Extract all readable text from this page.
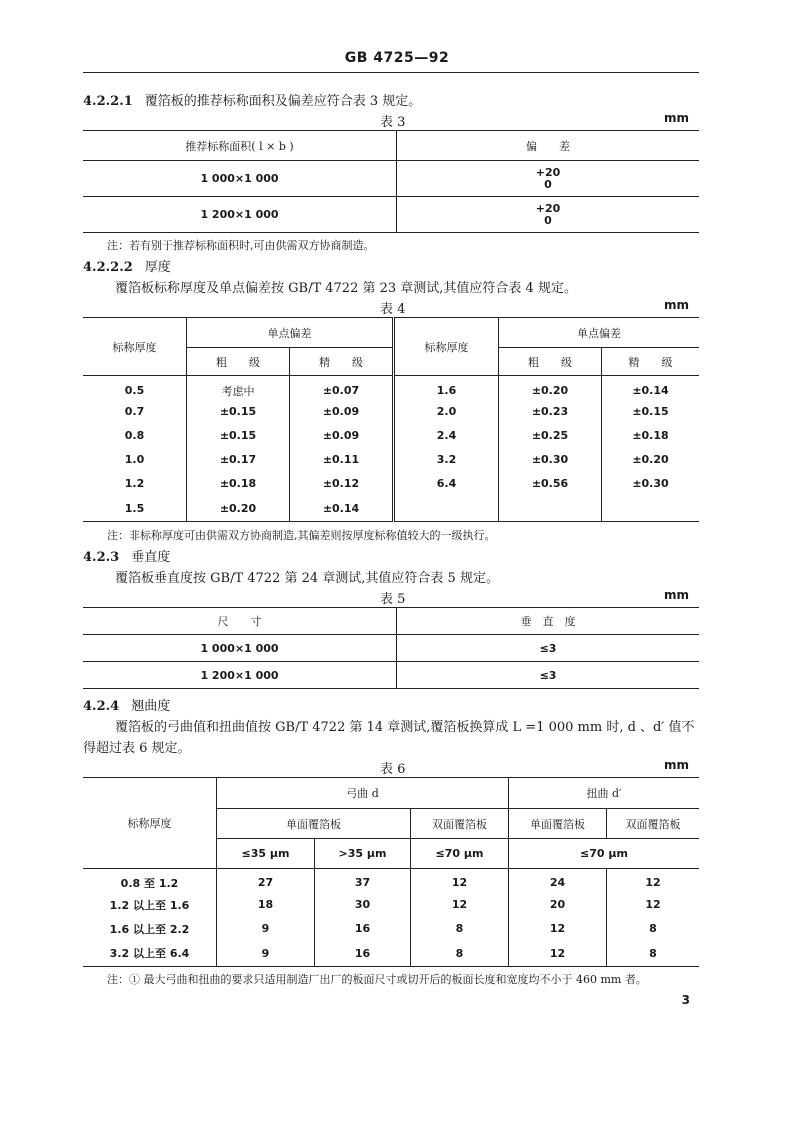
GB 4725—92
4.2.2.1 覆箔板的推荐标称面积及偏差应符合表 3 规定。
表 3	mm
推荐标称面积( l × b )	偏　　差
1 000×1 000	+20
0
1 200×1 000	+20
0
注：若有别于推荐标称面积时,可由供需双方协商制造。
4.2.2.2 厚度
覆箔板标称厚度及单点偏差按 GB/T 4722 第 23 章测试,其值应符合表 4 规定。
表 4	mm
标称厚度	单点偏差		标称厚度	单点偏差	
	粗　　级	精　　级		粗　　级	精　　级
0.5	考虑中	±0.07	1.6	±0.20	±0.14
0.7	±0.15	±0.09	2.0	±0.23	±0.15
0.8	±0.15	±0.09	2.4	±0.25	±0.18
1.0	±0.17	±0.11	3.2	±0.30	±0.20
1.2	±0.18	±0.12	6.4	±0.56	±0.30
1.5	±0.20	±0.14			
注：非标称厚度可由供需双方协商制造,其偏差则按厚度标称值较大的一级执行。
4.2.3 垂直度
覆箔板垂直度按 GB/T 4722 第 24 章测试,其值应符合表 5 规定。
表 5	mm
尺　　寸	垂　直　度
1 000×1 000	≤3
1 200×1 000	≤3
4.2.4 翘曲度
覆箔板的弓曲值和扭曲值按 GB/T 4722 第 14 章测试,覆箔板换算成 L =1 000 mm 时, d 、d′ 值不
得超过表 6 规定。
表 6	mm
标称厚度	弓曲 d			扭曲 d′	
	单面覆箔板		双面覆箔板	单面覆箔板	双面覆箔板
	≤35 μm	>35 μm	≤70 μm	≤70 μm	
0.8 至 1.2	27	37	12	24	12
1.2 以上至 1.6	18	30	12	20	12
1.6 以上至 2.2	9	16	8	12	8
3.2 以上至 6.4	9	16	8	12	8
注：① 最大弓曲和扭曲的要求只适用制造厂出厂的板面尺寸或切开后的板面长度和宽度均不小于 460 mm 者。
3
